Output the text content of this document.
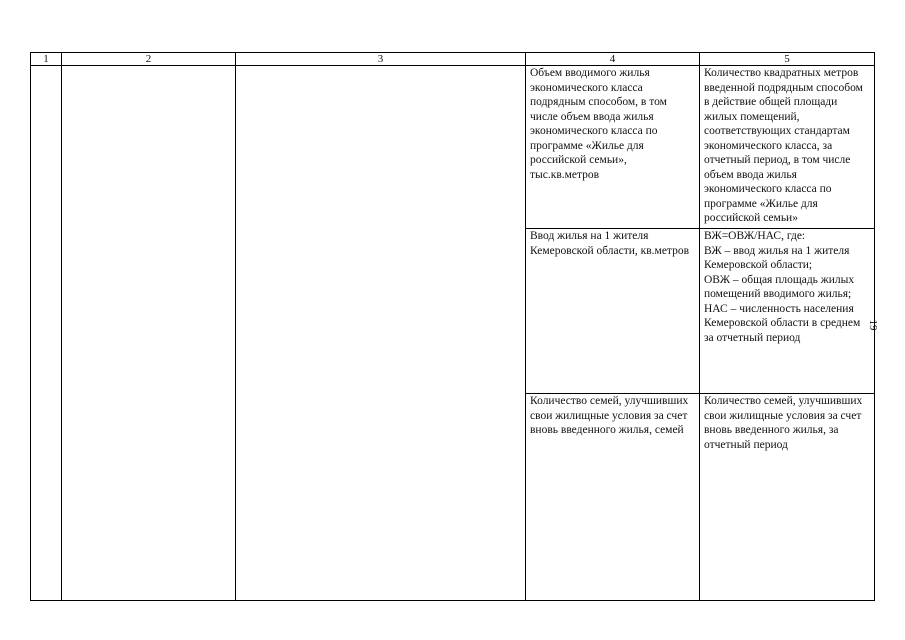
1	2	3	4	5
			Объем вводимого жилья экономического класса подрядным способом, в том числе объем ввода жилья экономического класса по программе «Жилье для российской семьи», тыс.кв.метров	Количество квадратных метров введенной подрядным способом в действие общей площади жилых помещений, соответствующих стандартам экономического класса, за отчетный период, в том числе объем ввода жилья экономического класса по программе «Жилье для российской семьи»
			Ввод жилья на 1 жителя Кемеровской области, кв.метров	ВЖ=ОВЖ/НАС, где:
ВЖ – ввод жилья на 1 жителя Кемеровской области;
ОВЖ – общая площадь жилых помещений вводимого жилья;
НАС – численность населения Кемеровской области в среднем за отчетный период

			Количество семей, улучшивших свои жилищные условия за счет вновь введенного жилья, семей	Количество семей, улучшивших свои жилищные условия за счет вновь введенного жилья, за отчетный период
19
